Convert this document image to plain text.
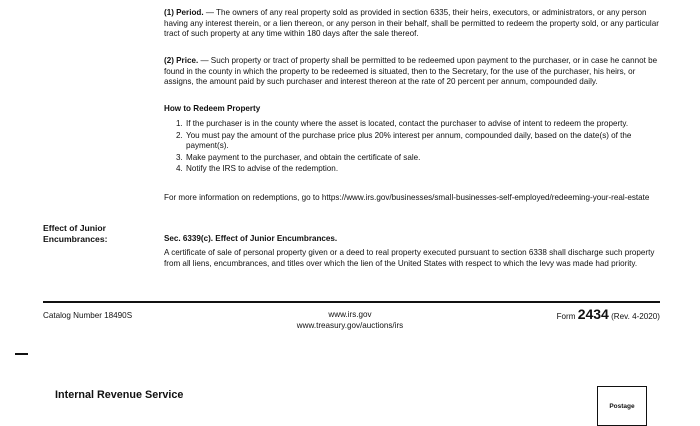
(1) Period. — The owners of any real property sold as provided in section 6335, their heirs, executors, or administrators, or any person having any interest therein, or a lien thereon, or any person in their behalf, shall be permitted to redeem the property sold, or any particular tract of such property at any time within 180 days after the sale thereof.

(2) Price. — Such property or tract of property shall be permitted to be redeemed upon payment to the purchaser, or in case he cannot be found in the county in which the property to be redeemed is situated, then to the Secretary, for the use of the purchaser, his heirs, or assigns, the amount paid by such purchaser and interest thereon at the rate of 20 percent per annum, compounded daily.

How to Redeem Property

1. If the purchaser is in the county where the asset is located, contact the purchaser to advise of intent to redeem the property.
2. You must pay the amount of the purchase price plus 20% interest per annum, compounded daily, based on the date(s) of the payment(s).
3. Make payment to the purchaser, and obtain the certificate of sale.
4. Notify the IRS to advise of the redemption.

For more information on redemptions, go to https://www.irs.gov/businesses/small-businesses-self-employed/redeeming-your-real-estate

Effect of Junior Encumbrances:	Sec. 6339(c). Effect of Junior Encumbrances.

A certificate of sale of personal property given or a deed to real property executed pursuant to section 6338 shall discharge such property from all liens, encumbrances, and titles over which the lien of the United States with respect to which the levy was made had priority.

Catalog Number 18490S	www.irs.gov
www.treasury.gov/auctions/irs
Form 2434 (Rev. 4-2020)
Internal Revenue Service
Postage
